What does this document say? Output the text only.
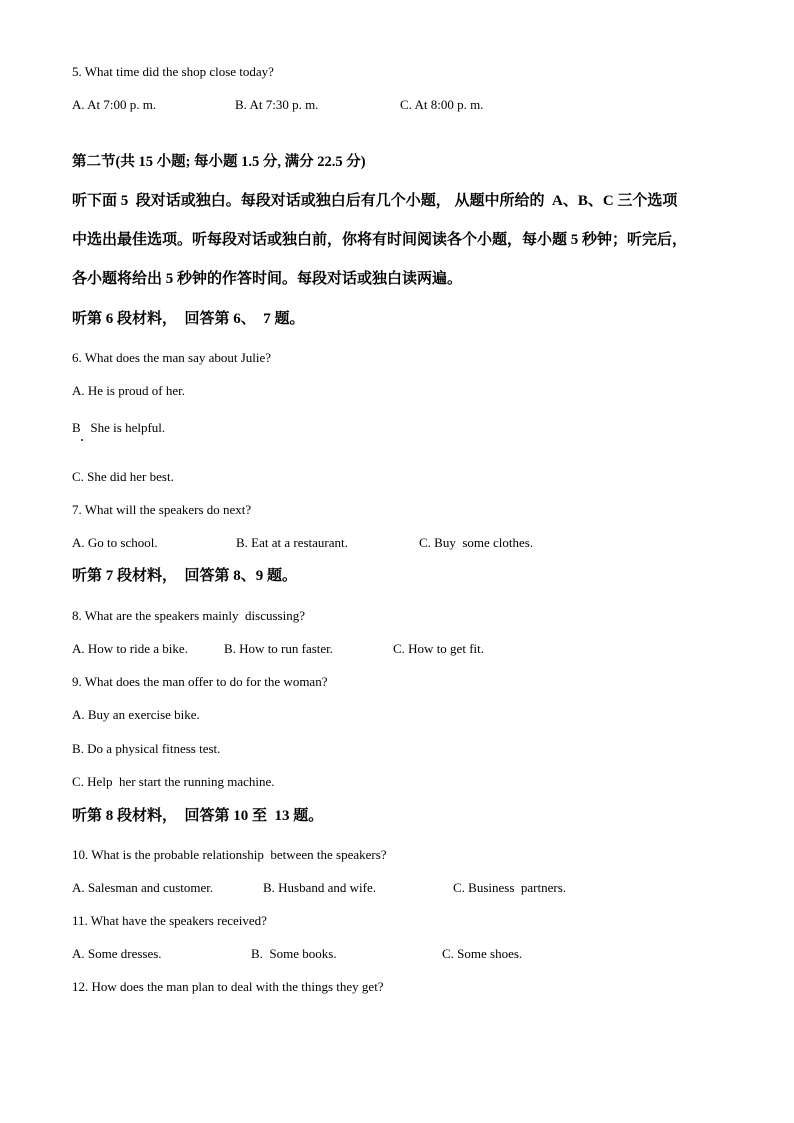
5. What time did the shop close today?
A. At 7:00 p. m.	B. At 7:30 p. m.	C. At 8:00 p. m.
第二节(共 15 小题; 每小题 1.5 分, 满分 22.5 分)
听下面 5  段对话或独白。每段对话或独白后有几个小题， 从题中所给的  A、B、C 三个选项
中选出最佳选项。听每段对话或独白前，你将有时间阅读各个小题，每小题 5 秒钟；听完后，
各小题将给出 5 秒钟的作答时间。每段对话或独白读两遍。
听第 6 段材料，  回答第 6、  7 题。
6. What does the man say about Julie?
A. He is proud of her.
B   She is helpful.
C. She did her best.
7. What will the speakers do next?
A. Go to school.	B. Eat at a restaurant.	C. Buy  some clothes.
听第 7 段材料，  回答第 8、9 题。
8. What are the speakers mainly  discussing?
A. How to ride a bike.	B. How to run faster.	C. How to get fit.
9. What does the man offer to do for the woman?
A. Buy an exercise bike.
B. Do a physical fitness test.
C. Help  her start the running machine.
听第 8 段材料，  回答第 10 至  13 题。
10. What is the probable relationship  between the speakers?
A. Salesman and customer.	B. Husband and wife.	C. Business  partners.
11. What have the speakers received?
A. Some dresses.	B.  Some books.	C. Some shoes.
12. How does the man plan to deal with the things they get?
